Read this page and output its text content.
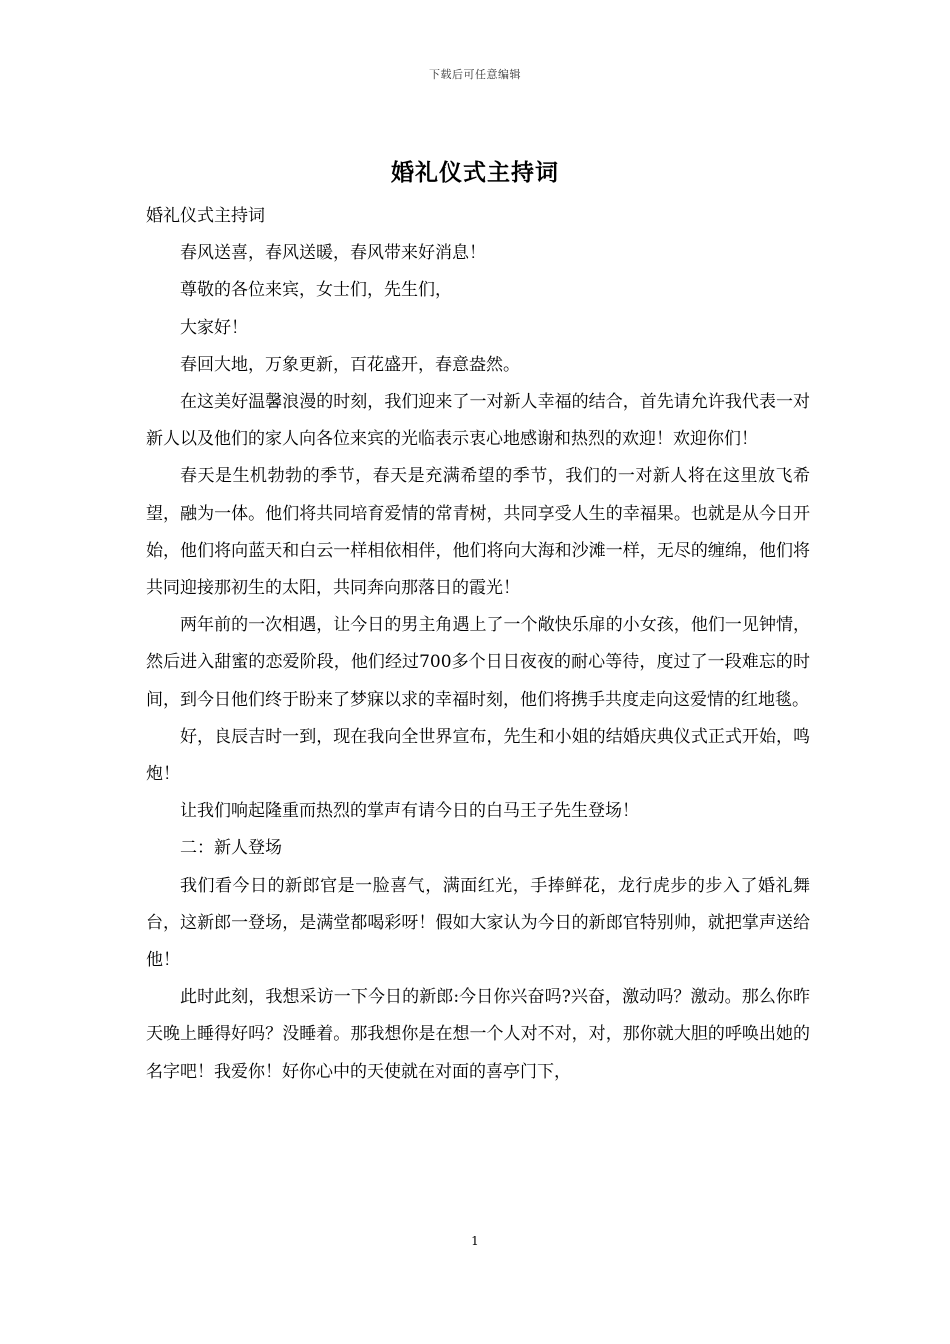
下载后可任意编辑
婚礼仪式主持词

婚礼仪式主持词

春风送喜，春风送暖，春风带来好消息！

尊敬的各位来宾，女士们，先生们，

大家好！

春回大地，万象更新，百花盛开，春意盎然。

在这美好温馨浪漫的时刻，我们迎来了一对新人幸福的结合，首先请允许我代表一对新人以及他们的家人向各位来宾的光临表示衷心地感谢和热烈的欢迎！欢迎你们！

春天是生机勃勃的季节，春天是充满希望的季节，我们的一对新人将在这里放飞希望，融为一体。他们将共同培育爱情的常青树，共同享受人生的幸福果。也就是从今日开始，他们将向蓝天和白云一样相依相伴，他们将向大海和沙滩一样，无尽的缠绵，他们将共同迎接那初生的太阳，共同奔向那落日的霞光！

两年前的一次相遇，让今日的男主角遇上了一个敞快乐扉的小女孩，他们一见钟情，然后进入甜蜜的恋爱阶段，他们经过700多个日日夜夜的耐心等待，度过了一段难忘的时间，到今日他们终于盼来了梦寐以求的幸福时刻，他们将携手共度走向这爱情的红地毯。

好，良辰吉时一到，现在我向全世界宣布，先生和小姐的结婚庆典仪式正式开始，鸣炮！

让我们响起隆重而热烈的掌声有请今日的白马王子先生登场！

二：新人登场

我们看今日的新郎官是一脸喜气，满面红光，手捧鲜花，龙行虎步的步入了婚礼舞台，这新郎一登场，是满堂都喝彩呀！假如大家认为今日的新郎官特别帅，就把掌声送给他！

此时此刻，我想采访一下今日的新郎:今日你兴奋吗?兴奋，激动吗？激动。那么你昨天晚上睡得好吗？没睡着。那我想你是在想一个人对不对，对，那你就大胆的呼唤出她的名字吧！我爱你！好你心中的天使就在对面的喜亭门下，

1
